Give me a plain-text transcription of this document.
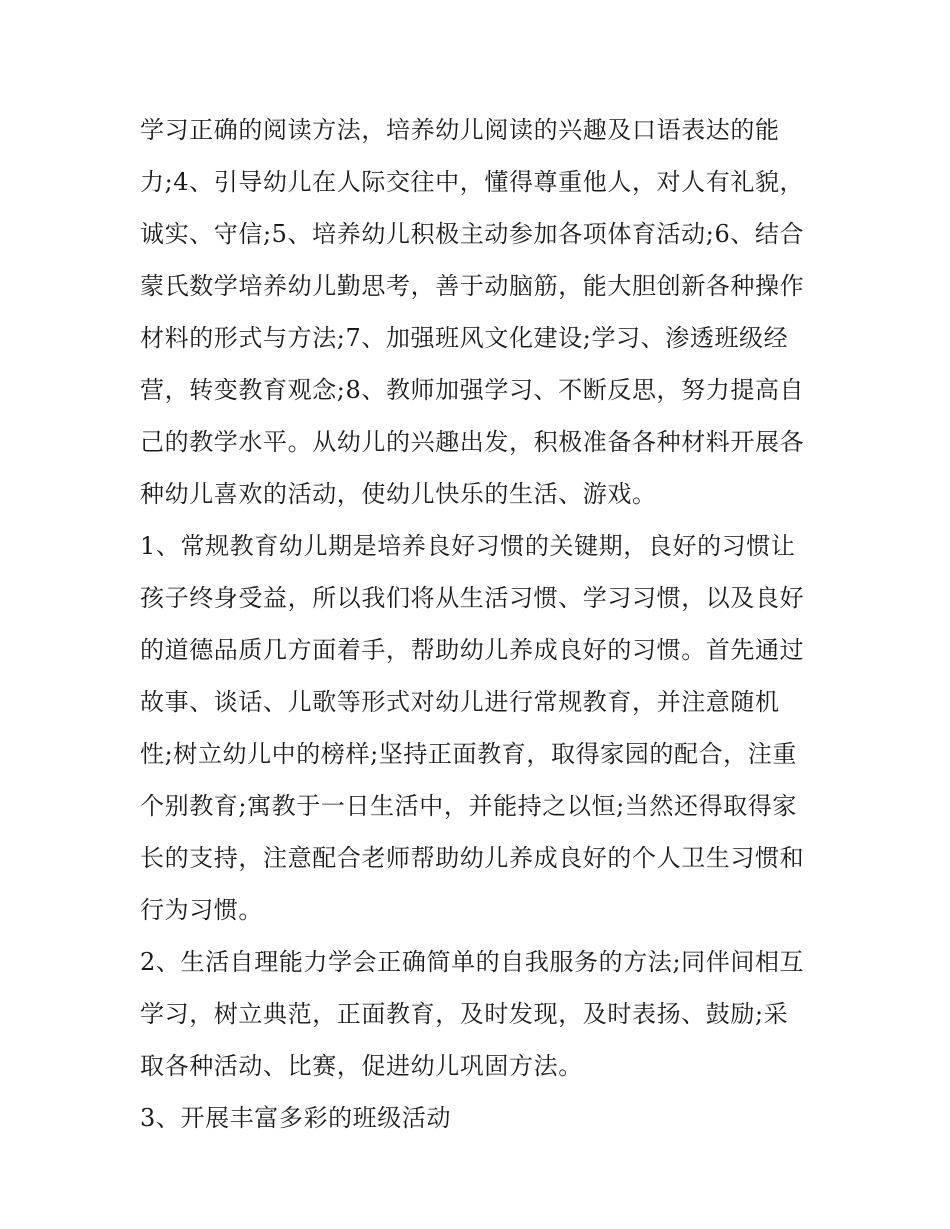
学习正确的阅读方法，培养幼儿阅读的兴趣及口语表达的能
力;4、引导幼儿在人际交往中，懂得尊重他人，对人有礼貌，
诚实、守信;5、培养幼儿积极主动参加各项体育活动;6、结合
蒙氏数学培养幼儿勤思考，善于动脑筋，能大胆创新各种操作
材料的形式与方法;7、加强班风文化建设;学习、渗透班级经
营，转变教育观念;8、教师加强学习、不断反思，努力提高自
己的教学水平。从幼儿的兴趣出发，积极准备各种材料开展各
种幼儿喜欢的活动，使幼儿快乐的生活、游戏。
1、常规教育幼儿期是培养良好习惯的关键期，良好的习惯让
孩子终身受益，所以我们将从生活习惯、学习习惯，以及良好
的道德品质几方面着手，帮助幼儿养成良好的习惯。首先通过
故事、谈话、儿歌等形式对幼儿进行常规教育，并注意随机
性;树立幼儿中的榜样;坚持正面教育，取得家园的配合，注重
个别教育;寓教于一日生活中，并能持之以恒;当然还得取得家
长的支持，注意配合老师帮助幼儿养成良好的个人卫生习惯和
行为习惯。
2、生活自理能力学会正确简单的自我服务的方法;同伴间相互
学习，树立典范，正面教育，及时发现，及时表扬、鼓励;采
取各种活动、比赛，促进幼儿巩固方法。
3、开展丰富多彩的班级活动
